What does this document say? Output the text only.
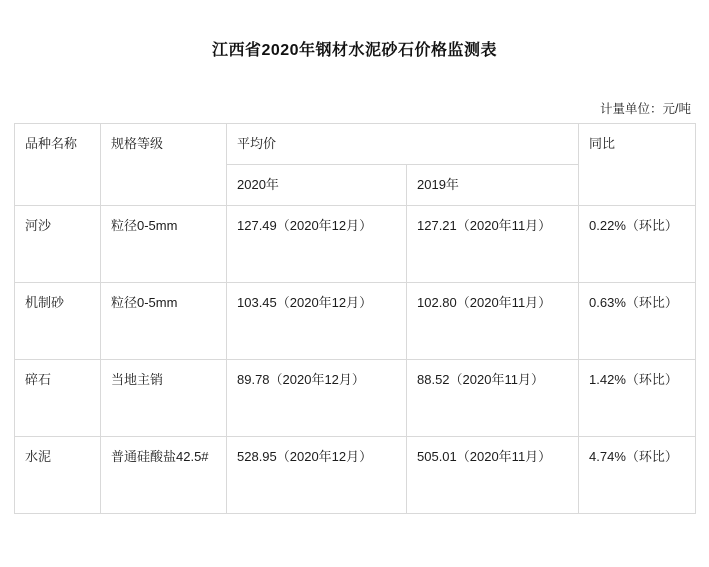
江西省2020年钢材水泥砂石价格监测表
计量单位：元/吨
品种名称	规格等级	平均价		同比
		2020年	2019年	
河沙	粒径0-5mm	127.49（2020年12月）	127.21（2020年11月）	0.22%（环比）
机制砂	粒径0-5mm	103.45（2020年12月）	102.80（2020年11月）	0.63%（环比）
碎石	当地主销	89.78（2020年12月）	88.52（2020年11月）	1.42%（环比）
水泥	普通硅酸盐42.5#	528.95（2020年12月）	505.01（2020年11月）	4.74%（环比）
